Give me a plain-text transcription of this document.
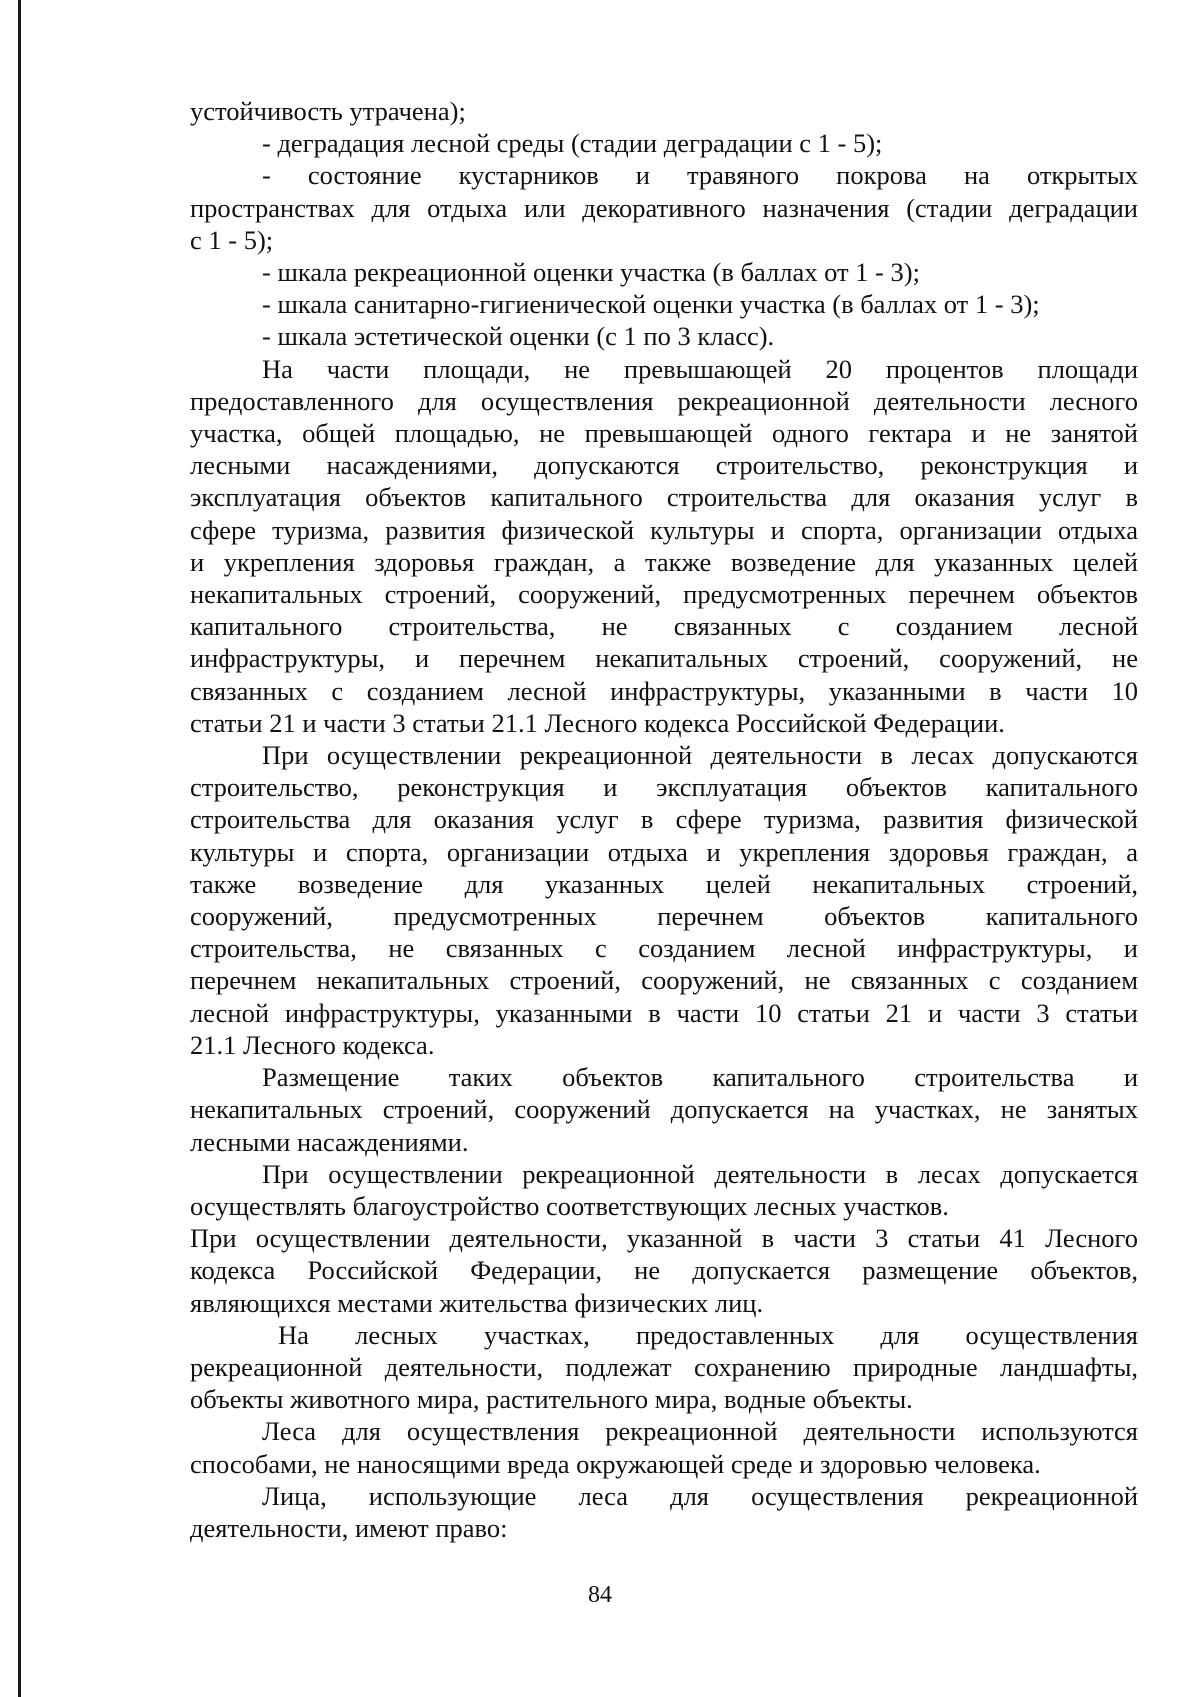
устойчивость утрачена);

- деградация лесной среды (стадии деградации с 1 - 5);

- состояние кустарников и травяного покрова на открытых

пространствах для отдыха или декоративного назначения (стадии деградации

с 1 - 5);

- шкала рекреационной оценки участка (в баллах от 1 - 3);

- шкала санитарно-гигиенической оценки участка (в баллах от 1 - 3);

- шкала эстетической оценки (с 1 по 3 класс).

На части площади, не превышающей 20 процентов площади

предоставленного для осуществления рекреационной деятельности лесного

участка, общей площадью, не превышающей одного гектара и не занятой

лесными насаждениями, допускаются строительство, реконструкция и

эксплуатация объектов капитального строительства для оказания услуг в

сфере туризма, развития физической культуры и спорта, организации отдыха

и укрепления здоровья граждан, а также возведение для указанных целей

некапитальных строений, сооружений, предусмотренных перечнем объектов

капитального строительства, не связанных с созданием лесной

инфраструктуры, и перечнем некапитальных строений, сооружений, не

связанных с созданием лесной инфраструктуры, указанными в части 10

статьи 21 и части 3 статьи 21.1 Лесного кодекса Российской Федерации.

При осуществлении рекреационной деятельности в лесах допускаются

строительство, реконструкция и эксплуатация объектов капитального

строительства для оказания услуг в сфере туризма, развития физической

культуры и спорта, организации отдыха и укрепления здоровья граждан, а

также возведение для указанных целей некапитальных строений,

сооружений, предусмотренных перечнем объектов капитального

строительства, не связанных с созданием лесной инфраструктуры, и

перечнем некапитальных строений, сооружений, не связанных с созданием

лесной инфраструктуры, указанными в части 10 статьи 21 и части 3 статьи

21.1 Лесного кодекса.

Размещение таких объектов капитального строительства и

некапитальных строений, сооружений допускается на участках, не занятых

лесными насаждениями.

При осуществлении рекреационной деятельности в лесах допускается

осуществлять благоустройство соответствующих лесных участков.

При осуществлении деятельности, указанной в части 3 статьи 41 Лесного

кодекса Российской Федерации, не допускается размещение объектов,

являющихся местами жительства физических лиц.

На лесных участках, предоставленных для осуществления

рекреационной деятельности, подлежат сохранению природные ландшафты,

объекты животного мира, растительного мира, водные объекты.

Леса для осуществления рекреационной деятельности используются

способами, не наносящими вреда окружающей среде и здоровью человека.

Лица, использующие леса для осуществления рекреационной

деятельности, имеют право:

84
